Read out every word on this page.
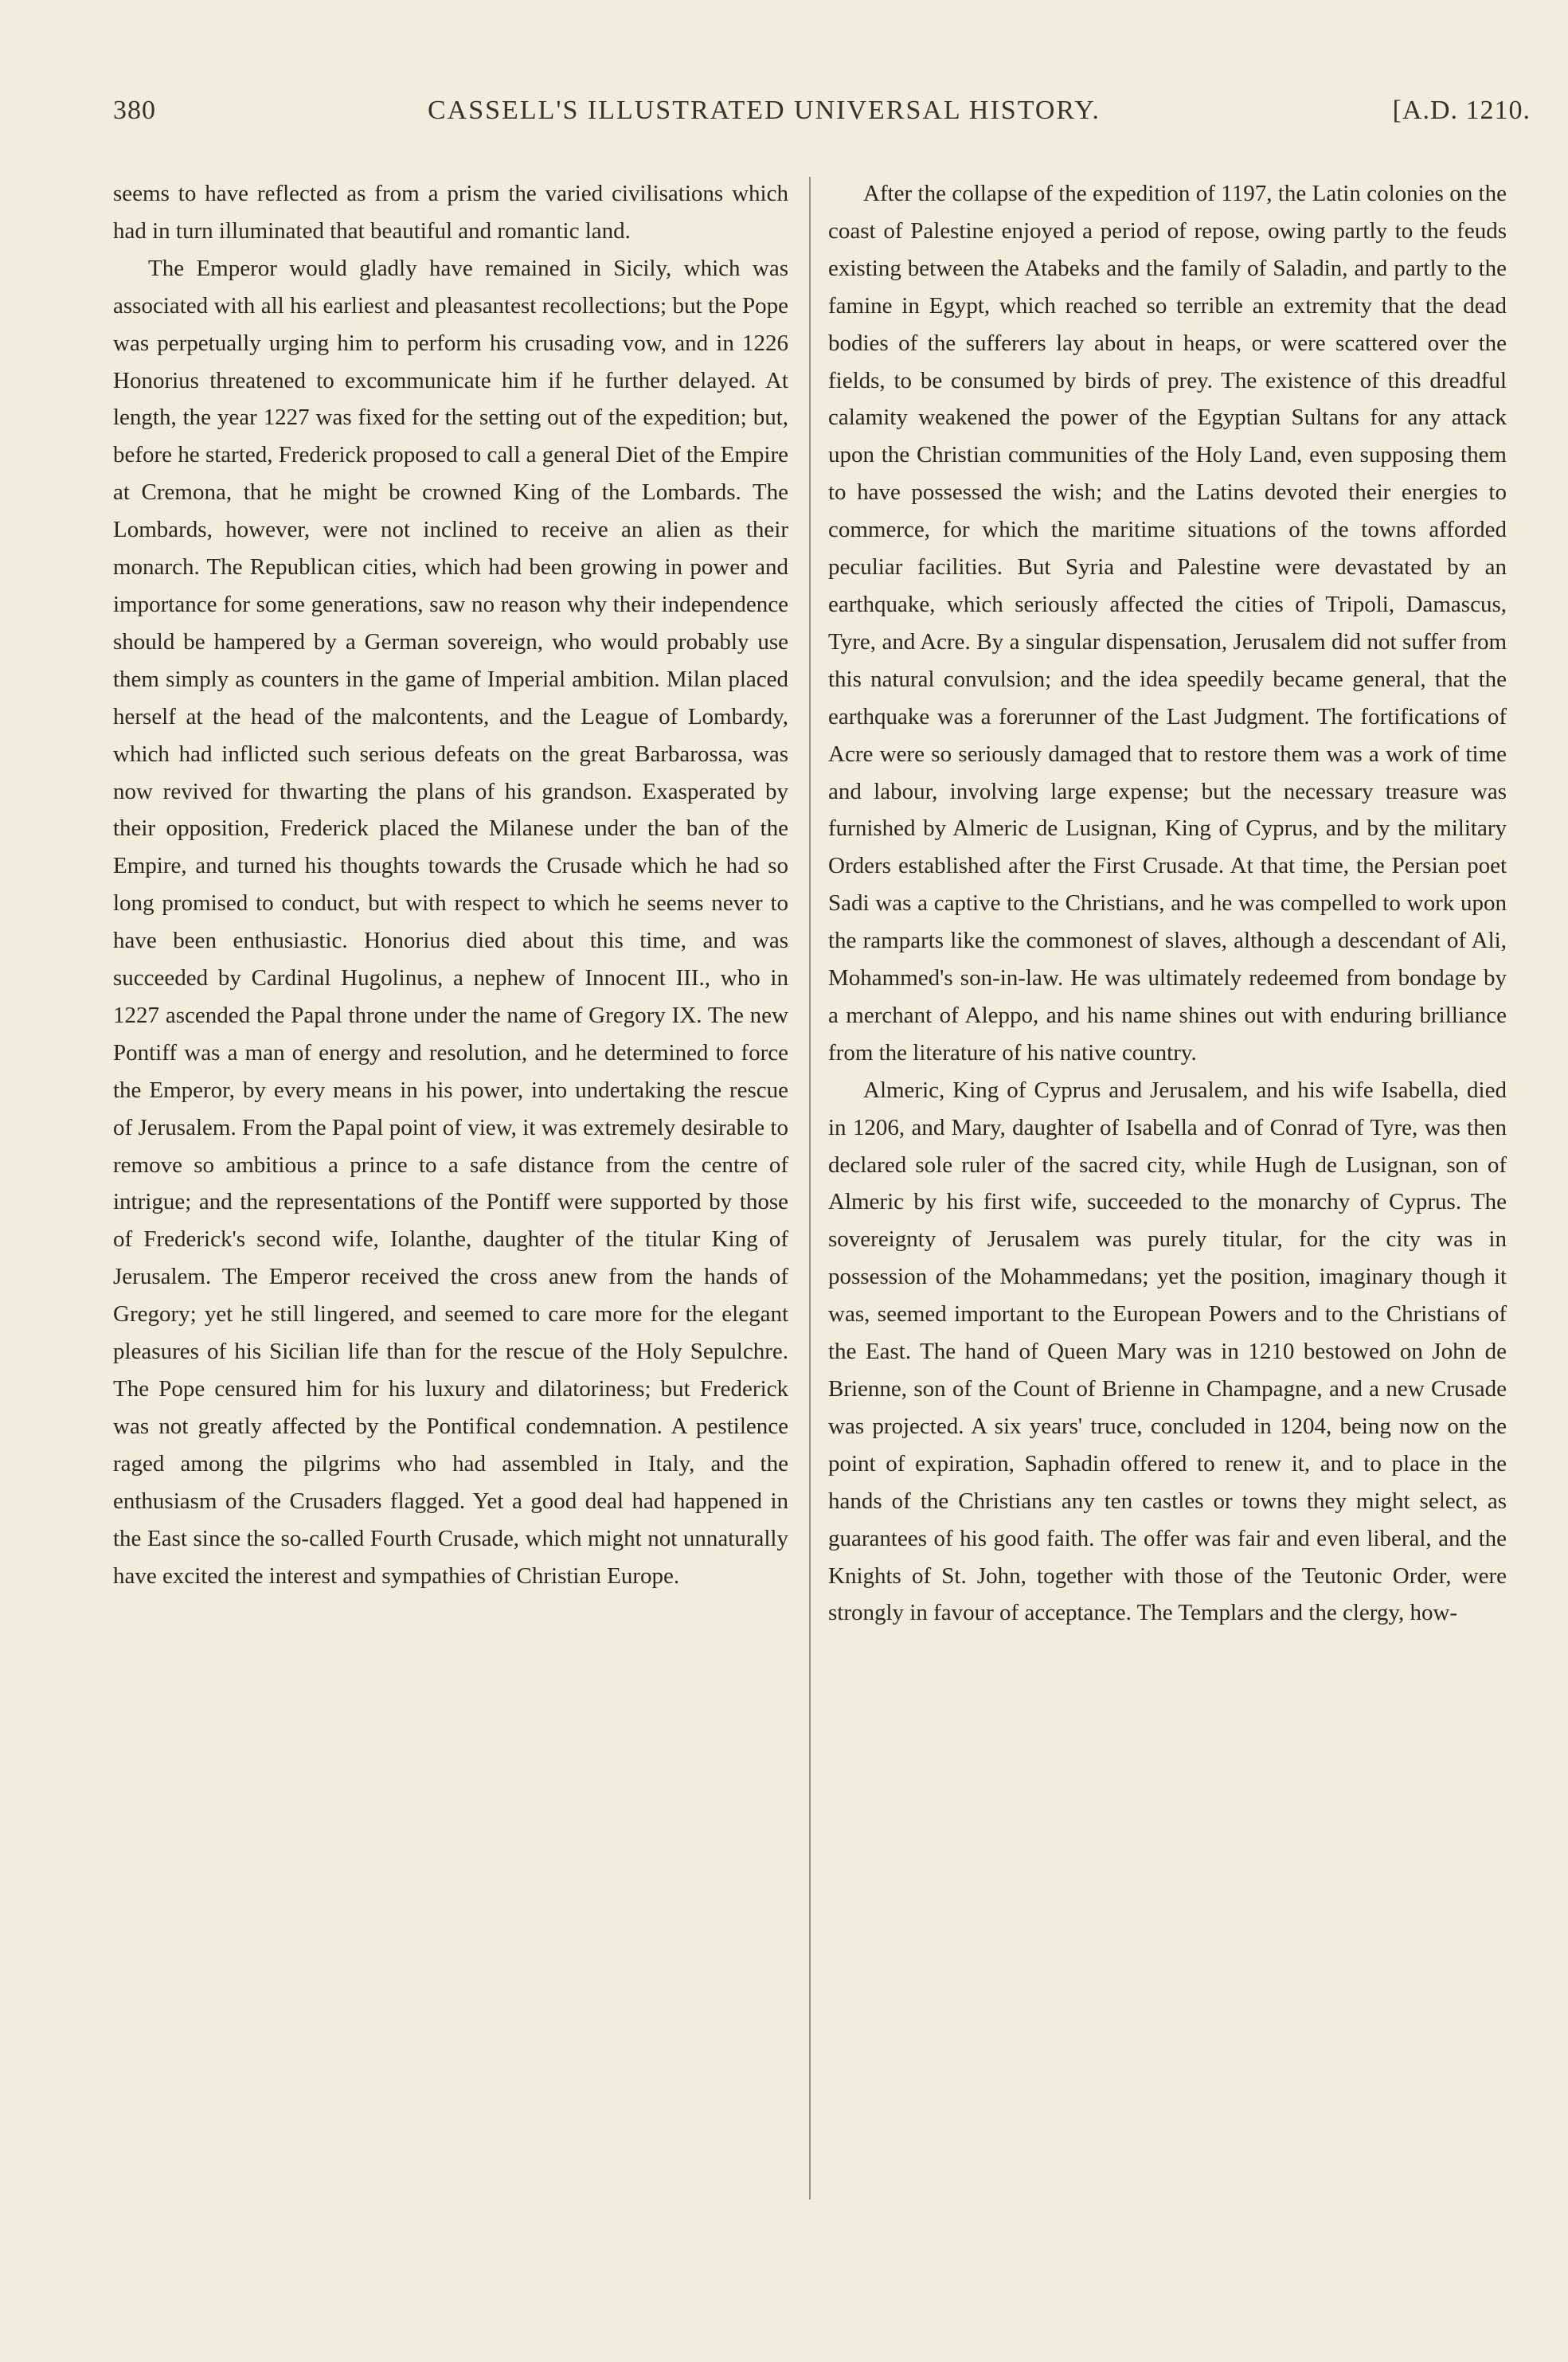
380	CASSELL'S ILLUSTRATED UNIVERSAL HISTORY.	[A.D. 1210.

seems to have reflected as from a prism the varied civilisations which had in turn illuminated that beautiful and romantic land.

The Emperor would gladly have remained in Sicily, which was associated with all his earliest and pleasantest recollections; but the Pope was perpetually urging him to perform his crusading vow, and in 1226 Honorius threatened to excommunicate him if he further delayed. At length, the year 1227 was fixed for the setting out of the expedition; but, before he started, Frederick proposed to call a general Diet of the Empire at Cremona, that he might be crowned King of the Lombards. The Lombards, however, were not inclined to receive an alien as their monarch. The Republican cities, which had been growing in power and importance for some generations, saw no reason why their independence should be hampered by a German sovereign, who would probably use them simply as counters in the game of Imperial ambition. Milan placed herself at the head of the malcontents, and the League of Lombardy, which had inflicted such serious defeats on the great Barbarossa, was now revived for thwarting the plans of his grandson. Exasperated by their opposition, Frederick placed the Milanese under the ban of the Empire, and turned his thoughts towards the Crusade which he had so long promised to conduct, but with respect to which he seems never to have been enthusiastic. Honorius died about this time, and was succeeded by Cardinal Hugolinus, a nephew of Innocent III., who in 1227 ascended the Papal throne under the name of Gregory IX. The new Pontiff was a man of energy and resolution, and he determined to force the Emperor, by every means in his power, into undertaking the rescue of Jerusalem. From the Papal point of view, it was extremely desirable to remove so ambitious a prince to a safe distance from the centre of intrigue; and the representations of the Pontiff were supported by those of Frederick's second wife, Iolanthe, daughter of the titular King of Jerusalem. The Emperor received the cross anew from the hands of Gregory; yet he still lingered, and seemed to care more for the elegant pleasures of his Sicilian life than for the rescue of the Holy Sepulchre. The Pope censured him for his luxury and dilatoriness; but Frederick was not greatly affected by the Pontifical condemnation. A pestilence raged among the pilgrims who had assembled in Italy, and the enthusiasm of the Crusaders flagged. Yet a good deal had happened in the East since the so-called Fourth Crusade, which might not unnaturally have excited the interest and sympathies of Christian Europe.

After the collapse of the expedition of 1197, the Latin colonies on the coast of Palestine enjoyed a period of repose, owing partly to the feuds existing between the Atabeks and the family of Saladin, and partly to the famine in Egypt, which reached so terrible an extremity that the dead bodies of the sufferers lay about in heaps, or were scattered over the fields, to be consumed by birds of prey. The existence of this dreadful calamity weakened the power of the Egyptian Sultans for any attack upon the Christian communities of the Holy Land, even supposing them to have possessed the wish; and the Latins devoted their energies to commerce, for which the maritime situations of the towns afforded peculiar facilities. But Syria and Palestine were devastated by an earthquake, which seriously affected the cities of Tripoli, Damascus, Tyre, and Acre. By a singular dispensation, Jerusalem did not suffer from this natural convulsion; and the idea speedily became general, that the earthquake was a forerunner of the Last Judgment. The fortifications of Acre were so seriously damaged that to restore them was a work of time and labour, involving large expense; but the necessary treasure was furnished by Almeric de Lusignan, King of Cyprus, and by the military Orders established after the First Crusade. At that time, the Persian poet Sadi was a captive to the Christians, and he was compelled to work upon the ramparts like the commonest of slaves, although a descendant of Ali, Mohammed's son-in-law. He was ultimately redeemed from bondage by a merchant of Aleppo, and his name shines out with enduring brilliance from the literature of his native country.

Almeric, King of Cyprus and Jerusalem, and his wife Isabella, died in 1206, and Mary, daughter of Isabella and of Conrad of Tyre, was then declared sole ruler of the sacred city, while Hugh de Lusignan, son of Almeric by his first wife, succeeded to the monarchy of Cyprus. The sovereignty of Jerusalem was purely titular, for the city was in possession of the Mohammedans; yet the position, imaginary though it was, seemed important to the European Powers and to the Christians of the East. The hand of Queen Mary was in 1210 bestowed on John de Brienne, son of the Count of Brienne in Champagne, and a new Crusade was projected. A six years' truce, concluded in 1204, being now on the point of expiration, Saphadin offered to renew it, and to place in the hands of the Christians any ten castles or towns they might select, as guarantees of his good faith. The offer was fair and even liberal, and the Knights of St. John, together with those of the Teutonic Order, were strongly in favour of acceptance. The Templars and the clergy, how-
